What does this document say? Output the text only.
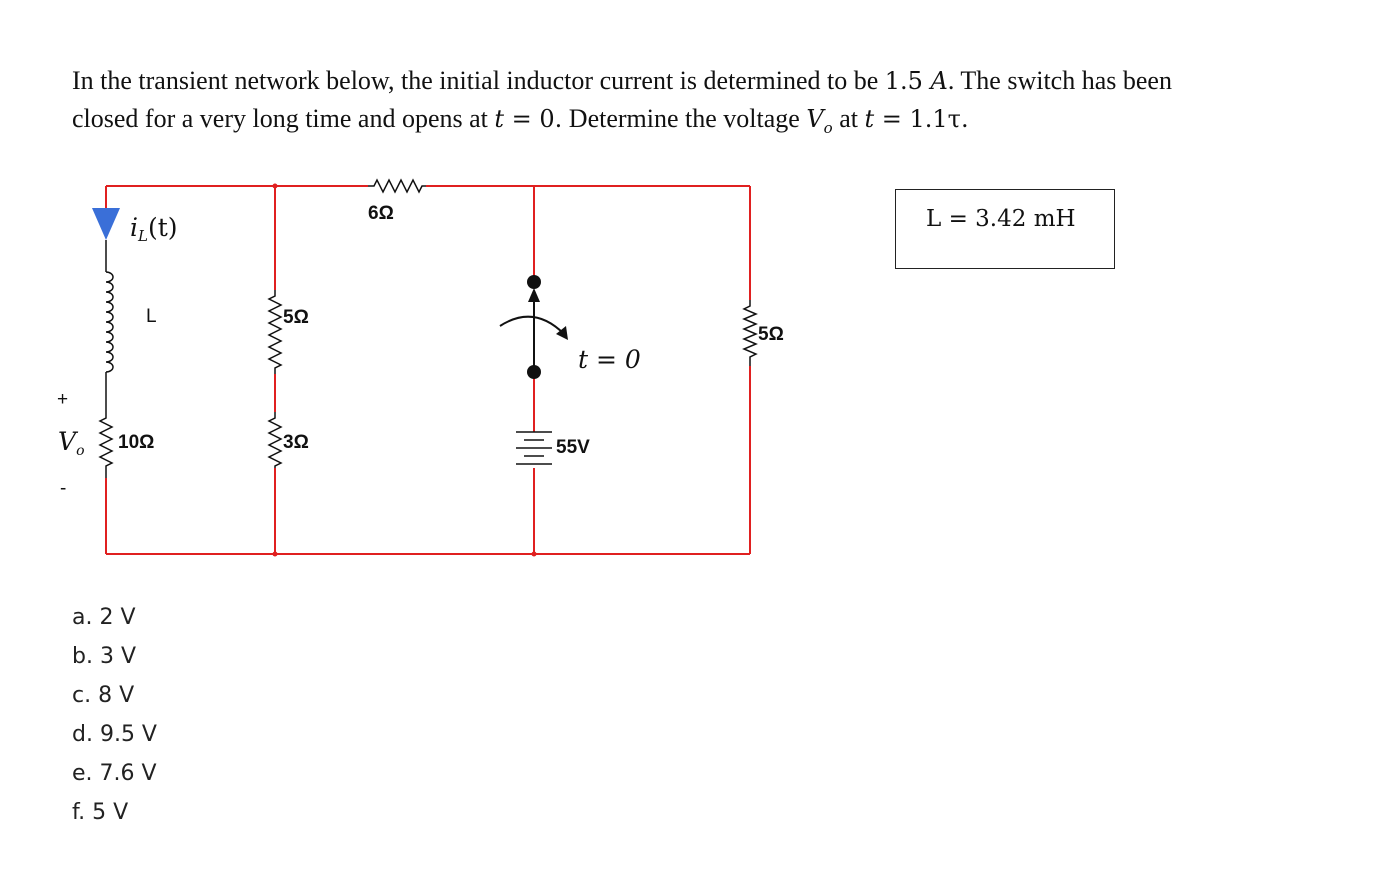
In the transient network below, the initial inductor current is determined to be 1.5 A. The switch has been
closed for a very long time and opens at t = 0. Determine the voltage $V_o$ at t = 1.1τ.
$i_L(t)$
L
10Ω
+
$V_o$
-
5Ω
3Ω
6Ω
t = 0
55V
5Ω
L = 3.42 mH
a. 2 V
b. 3 V
c. 8 V
d. 9.5 V
e. 7.6 V
f. 5 V
